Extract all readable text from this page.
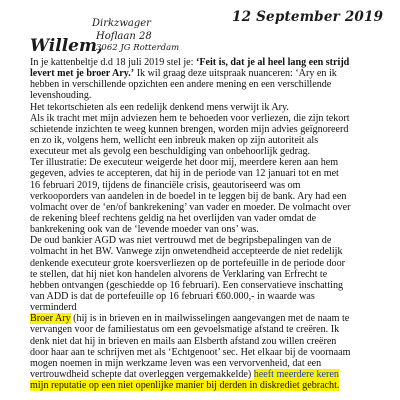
12 September 2019
Dirkzwager
Hoflaan 28
3062 JG Rotterdam
Willem,
In je kattenbeltje d.d 18 juli 2019 stel je: ‘Feit is, dat je al heel lang een strijd
levert met je broer Ary.’ Ik wil graag deze uitspraak nuanceren: ‘Ary en ik
hebben in verschillende opzichten een andere mening en een verschillende
levenshouding.
Het tekortschieten als een redelijk denkend mens verwijt ik Ary.
Als ik tracht met mijn adviezen hem te behoeden voor verliezen, die zijn tekort
schietende inzichten te weeg kunnen brengen, worden mijn advies geïgnoreerd
en zo ik, volgens hem, wellicht een inbreuk maken op zijn autoriteit als
executeur met als gevolg een beschuldiging van onbehoorlijk gedrag.
Ter illustratie: De executeur weigerde het door mij, meerdere keren aan hem
gegeven, advies te accepteren, dat hij in de periode van 12 januari tot en met
16 februari 2019, tijdens de financiële crisis, geautoriseerd was om
verkooporders van aandelen in de boedel in te leggen bij de bank. Ary had een
volmacht over de ‘en/of bankrekening’ van vader en moeder. De volmacht over
de rekening bleef rechtens geldig na het overlijden van vader omdat de
bankrekening ook van de ‘levende moeder van ons’ was.
De oud bankier AGD was niet vertrouwd met de begripsbepalingen van de
volmacht in het BW. Vanwege zijn onwetendheid accepteerde de niet redelijk
denkende executeur grote koersverliezen op de portefeuille in de periode door
te stellen, dat hij niet kon handelen alvorens de Verklaring van Erfrecht te
hebben ontvangen (geschiedde op 16 februari). Een conservatieve inschatting
van ADD is dat de portefeuille op 16 februari €60.000,- in waarde was
verminderd
Broer Ary (hij is in brieven en in mailwisselingen aangevangen met de naam te
vervangen voor de familiestatus om een gevoelsmatige afstand te creëren. Ik
denk niet dat hij in brieven en mails aan Elsberth afstand zou willen creëren
door haar aan te schrijven met als ‘Echtgenoot’ sec. Het elkaar bij de voornaam
mogen noemen in mijn werkzame leven was een vervorvenheid, dat een
vertrouwdheid schepte dat overleggen vergemakkelde) heeft meerdere keren
mijn reputatie op een niet openlijke manier bij derden in diskrediet gebracht.
